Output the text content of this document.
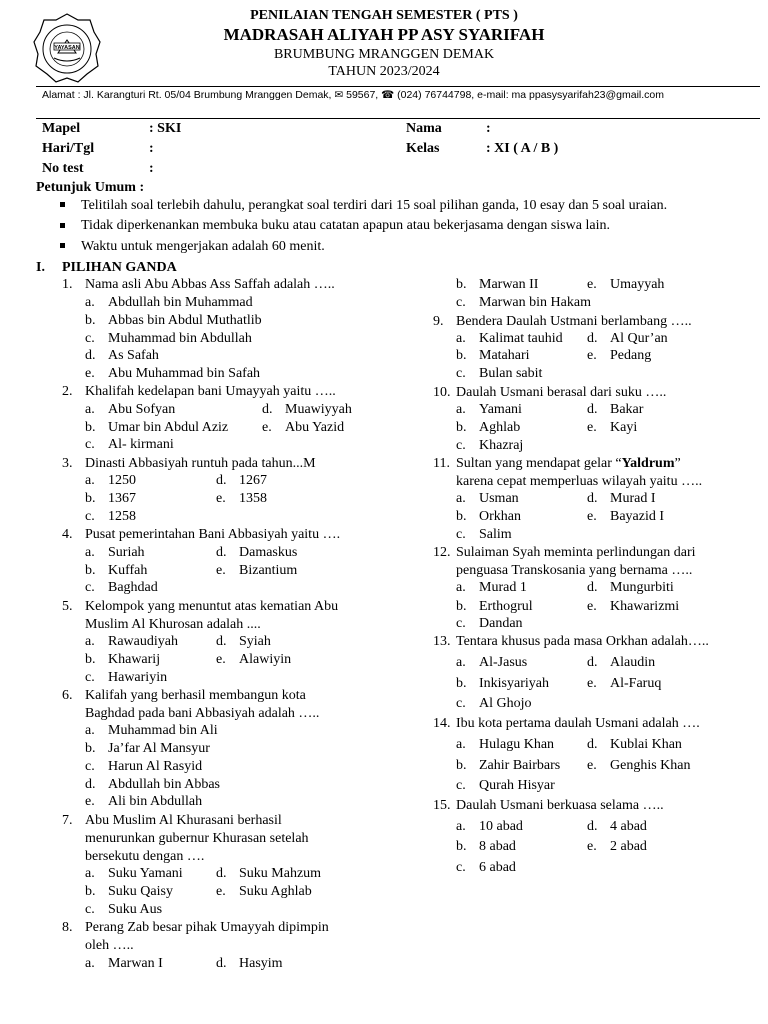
YAYASAN
PENILAIAN TENGAH SEMESTER ( PTS )
MADRASAH ALIYAH PP ASY SYARIFAH
BRUMBUNG MRANGGEN DEMAK
TAHUN 2023/2024
Alamat : Jl. Karangturi Rt. 05/04 Brumbung Mranggen Demak, ✉ 59567, ☎ (024) 76744798, e-mail: ma ppasysyarifah23@gmail.com
Mapel	: SKI
Hari/Tgl	:
No test	:
Nama	:
Kelas	: XI ( A / B )
Petunjuk Umum :
Telitilah soal terlebih dahulu, perangkat soal terdiri dari 15 soal pilihan ganda, 10 esay dan 5 soal uraian.
Tidak diperkenankan membuka buku atau catatan apapun atau bekerjasama dengan siswa lain.
Waktu untuk mengerjakan adalah 60 menit.
I. PILIHAN GANDA
1. Nama asli Abu Abbas Ass Saffah adalah …..
a. Abdullah bin Muhammad
b. Abbas bin Abdul Muthatlib
c. Muhammad bin Abdullah
d. As Safah
e. Abu Muhammad bin Safah
2. Khalifah kedelapan bani Umayyah yaitu …..
a. Abu Sofyan	d. Muawiyyah
b. Umar bin Abdul Aziz e. Abu Yazid
c. Al- kirmani
3. Dinasti Abbasiyah runtuh pada tahun...M
a. 1250	d. 1267
b. 1367	e. 1358
c. 1258
4. Pusat pemerintahan Bani Abbasiyah yaitu ….
a. Suriah	d. Damaskus
b. Kuffah	e. Bizantium
c. Baghdad
5. Kelompok yang menuntut atas kematian Abu
Muslim Al Khurosan adalah ....
a. Rawaudiyah	d. Syiah
b. Khawarij	e. Alawiyin
c. Hawariyin
6. Kalifah yang berhasil membangun kota
Baghdad pada bani Abbasiyah adalah …..
a. Muhammad bin Ali
b. Ja’far Al Mansyur
c. Harun Al Rasyid
d. Abdullah bin Abbas
e. Ali bin Abdullah
7. Abu Muslim Al Khurasani berhasil
menurunkan gubernur Khurasan setelah
bersekutu dengan ….
a. Suku Yamani d. Suku Mahzum
b. Suku Qaisy	e. Suku Aghlab
c. Suku Aus
8. Perang Zab besar pihak Umayyah dipimpin
oleh …..
a. Marwan I	d. Hasyim
b. Marwan II	e. Umayyah
c. Marwan bin Hakam
9. Bendera Daulah Ustmani berlambang …..
a. Kalimat tauhid d. Al Qur’an
b. Matahari	e. Pedang
c. Bulan sabit
10. Daulah Usmani berasal dari suku …..
a. Yamani	d. Bakar
b. Aghlab	e. Kayi
c. Khazraj
11. Sultan yang mendapat gelar “Yaldrum”
karena cepat memperluas wilayah yaitu …..
a. Usman	d. Murad I
b. Orkhan	e. Bayazid I
c. Salim
12. Sulaiman Syah meminta perlindungan dari
penguasa Transkosania yang bernama …..
a. Murad 1	d. Mungurbiti
b. Erthogrul	e. Khawarizmi
c. Dandan
13. Tentara khusus pada masa Orkhan adalah…..
a. Al-Jasus	d. Alaudin
b. Inkisyariyah	e. Al-Faruq
c. Al Ghojo
14. Ibu kota pertama daulah Usmani adalah ….
a. Hulagu Khan d. Kublai Khan
b. Zahir Bairbars e. Genghis Khan
c. Qurah Hisyar
15. Daulah Usmani berkuasa selama …..
a. 10 abad	d. 4 abad
b. 8 abad	e. 2 abad
c. 6 abad
